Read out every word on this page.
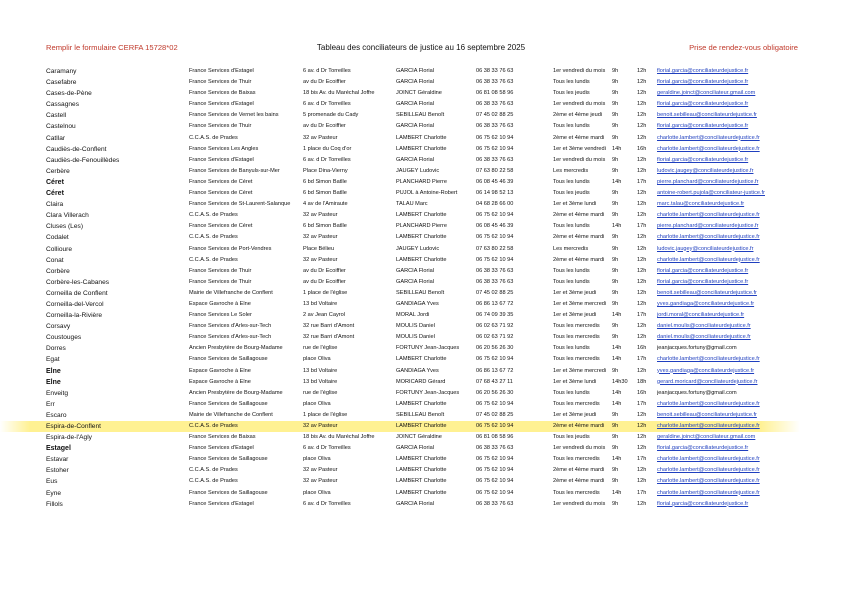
Remplir le formulaire CERFA 15728*02	Tableau des conciliateurs de justice au 16 septembre 2025	Prise de rendez-vous obligatoire
Caramany	France Services d'Estagel	6 av. d Dr Torreilles	GARCIA Florial	06 38 33 76 63	1er vendredi du mois	9h	12h	florial.garcia@conciliateurdejustice.fr
Casefabre	France Services de Thuir	av du Dr Ecoiffier	GARCIA Florial	06 38 33 76 63	Tous les lundis	9h	12h	florial.garcia@conciliateurdejustice.fr
Cases-de-Pène	France Services de Baixas	18 bis Av. du Maréchal Joffre	JOINCT Géraldine	06 81 08 58 96	Tous les jeudis	9h	12h	geraldine.joinct@conciliateur.gmail.com
Cassagnes	France Services d'Estagel	6 av. d Dr Torreilles	GARCIA Florial	06 38 33 76 63	1er vendredi du mois	9h	12h	florial.garcia@conciliateurdejustice.fr
Castell	France Services de Vernet les bains	5 promenade du Cady	SEBILLEAU Benoît	07 45 02 88 25	2ème et 4ème jeudi	9h	12h	benoit.sebilleau@conciliateurdejustice.fr
Castelnou	France Services de Thuir	av du Dr Ecoiffier	GARCIA Florial	06 38 33 76 63	Tous les lundis	9h	12h	florial.garcia@conciliateurdejustice.fr
Catllar	C.C.A.S. de Prades	32 av Pasteur	LAMBERT Charlotte	06 75 62 10 94	2ème et 4ème mardi	9h	12h	charlotte.lambert@conciliateurdejustice.fr
Caudiès-de-Conflent	France Services Les Angles	1 place du Coq d'or	LAMBERT Charlotte	06 75 62 10 94	1er et 3ème vendredi	14h	16h	charlotte.lambert@conciliateurdejustice.fr
Caudiès-de-Fenouillèdes	France Services d'Estagel	6 av. d Dr Torreilles	GARCIA Florial	06 38 33 76 63	1er vendredi du mois	9h	12h	florial.garcia@conciliateurdejustice.fr
Cerbère	France Services de Banyuls-sur-Mer	Place Dina-Vierny	JAUGEY Ludovic	07 63 80 22 58	Les mercredis	9h	12h	ludovic.jaugey@conciliateurdejustice.fr
Céret	France Services de Céret	6 bd Simon Batlle	PLANCHARD Pierre	06 08 45 46 39	Tous les lundis	14h	17h	pierre.planchard@conciliateurdejustice.fr
Céret	France Services de Céret	6 bd Simon Batlle	PUJOL à Antoine-Robert	06 14 98 52 13	Tous les jeudis	9h	12h	antoine-robert.pujola@conciliateur-justice.fr
Claira	France Services de St-Laurent-Salanque	4 av de l'Amiraute	TALAU Marc	04 68 28 66 00	1er et 3ème lundi	9h	12h	marc.talau@conciliateurdejustice.fr
Clara Villerach	C.C.A.S. de Prades	32 av Pasteur	LAMBERT Charlotte	06 75 62 10 94	2ème et 4ème mardi	9h	12h	charlotte.lambert@conciliateurdejustice.fr
Cluses (Les)	France Services de Céret	6 bd Simon Batlle	PLANCHARD Pierre	06 08 45 46 39	Tous les lundis	14h	17h	pierre.planchard@conciliateurdejustice.fr
Codalet	C.C.A.S. de Prades	32 av Pasteur	LAMBERT Charlotte	06 75 62 10 94	2ème et 4ème mardi	9h	12h	charlotte.lambert@conciliateurdejustice.fr
Collioure	France Services de Port-Vendres	Place Bélieu	JAUGEY Ludovic	07 63 80 22 58	Les mercredis	9h	12h	ludovic.jaugey@conciliateurdejustice.fr
Conat	C.C.A.S. de Prades	32 av Pasteur	LAMBERT Charlotte	06 75 62 10 94	2ème et 4ème mardi	9h	12h	charlotte.lambert@conciliateurdejustice.fr
Corbère	France Services de Thuir	av du Dr Ecoiffier	GARCIA Florial	06 38 33 76 63	Tous les lundis	9h	12h	florial.garcia@conciliateurdejustice.fr
Corbère-les-Cabanes	France Services de Thuir	av du Dr Ecoiffier	GARCIA Florial	06 38 33 76 63	Tous les lundis	9h	12h	florial.garcia@conciliateurdejustice.fr
Corneilla de Conflent	Mairie de Villefranche de Conflent	1 place de l'église	SEBILLEAU Benoît	07 45 02 88 25	1er et 3ème jeudi	9h	12h	benoit.sebilleau@conciliateurdejustice.fr
Corneilla-del-Vercol	Espace Gavroche à Elne	13 bd Voltaire	GANDIAGA Yves	06 86 13 67 72	1er et 3ème mercredi	9h	12h	yves.gandiaga@conciliateurdejustice.fr
Corneilla-la-Rivière	France Services Le Soler	2 av Jean Cayrol	MORAL Jordi	06 74 09 39 35	1er et 3ème jeudi	14h	17h	jordi.moral@conciliateurdejustice.fr
Corsavy	France Services d'Arles-sur-Tech	32 rue Barri d'Amont	MOULIS Daniel	06 02 63 71 92	Tous les mercredis	9h	12h	daniel.moulis@conciliateurdejustice.fr
Coustouges	France Services d'Arles-sur-Tech	32 rue Barri d'Amont	MOULIS Daniel	06 02 63 71 92	Tous les mercredis	9h	12h	daniel.moulis@conciliateurdejustice.fr
Dorres	Ancien Presbytère de Bourg-Madame	rue de l'église	FORTUNY Jean-Jacques	06 20 56 26 30	Tous les lundis	14h	16h	jeanjacques.fortuny@gmail.com
Egat	France Services de Saillagouse	place Oliva	LAMBERT Charlotte	06 75 62 10 94	Tous les mercredis	14h	17h	charlotte.lambert@conciliateurdejustice.fr
Elne	Espace Gavroche à Elne	13 bd Voltaire	GANDIAGA Yves	06 86 13 67 72	1er et 3ème mercredi	9h	12h	yves.gandiaga@conciliateurdejustice.fr
Elne	Espace Gavroche à Elne	13 bd Voltaire	MORICARD Gérard	07 68 43 27 11	1er et 3ème lundi	14h30	18h	gerard.moricard@conciliateurdejustice.fr
Enveitg	Ancien Presbytère de Bourg-Madame	rue de l'église	FORTUNY Jean-Jacques	06 20 56 26 30	Tous les lundis	14h	16h	jeanjacques.fortuny@gmail.com
Err	France Services de Saillagouse	place Oliva	LAMBERT Charlotte	06 75 62 10 94	Tous les mercredis	14h	17h	charlotte.lambert@conciliateurdejustice.fr
Escaro	Mairie de Villefranche de Conflent	1 place de l'église	SEBILLEAU Benoît	07 45 02 88 25	1er et 3ème jeudi	9h	12h	benoit.sebilleau@conciliateurdejustice.fr
Espira-de-Conflent	C.C.A.S. de Prades	32 av Pasteur	LAMBERT Charlotte	06 75 62 10 94	2ème et 4ème mardi	9h	12h	charlotte.lambert@conciliateurdejustice.fr
Espira-de-l'Agly	France Services de Baixas	18 bis Av. du Maréchal Joffre	JOINCT Géraldine	06 81 08 58 96	Tous les jeudis	9h	12h	geraldine.joinct@conciliateur.gmail.com
Estagel	France Services d'Estagel	6 av. d Dr Torreilles	GARCIA Florial	06 38 33 76 63	1er vendredi du mois	9h	12h	florial.garcia@conciliateurdejustice.fr
Estavar	France Services de Saillagouse	place Oliva	LAMBERT Charlotte	06 75 62 10 94	Tous les mercredis	14h	17h	charlotte.lambert@conciliateurdejustice.fr
Estoher	C.C.A.S. de Prades	32 av Pasteur	LAMBERT Charlotte	06 75 62 10 94	2ème et 4ème mardi	9h	12h	charlotte.lambert@conciliateurdejustice.fr
Eus	C.C.A.S. de Prades	32 av Pasteur	LAMBERT Charlotte	06 75 62 10 94	2ème et 4ème mardi	9h	12h	charlotte.lambert@conciliateurdejustice.fr
Eyne	France Services de Saillagouse	place Oliva	LAMBERT Charlotte	06 75 62 10 94	Tous les mercredis	14h	17h	charlotte.lambert@conciliateurdejustice.fr
Fillols	France Services d'Estagel	6 av. d Dr Torreilles	GARCIA Florial	06 38 33 76 63	1er vendredi du mois	9h	12h	florial.garcia@conciliateurdejustice.fr
